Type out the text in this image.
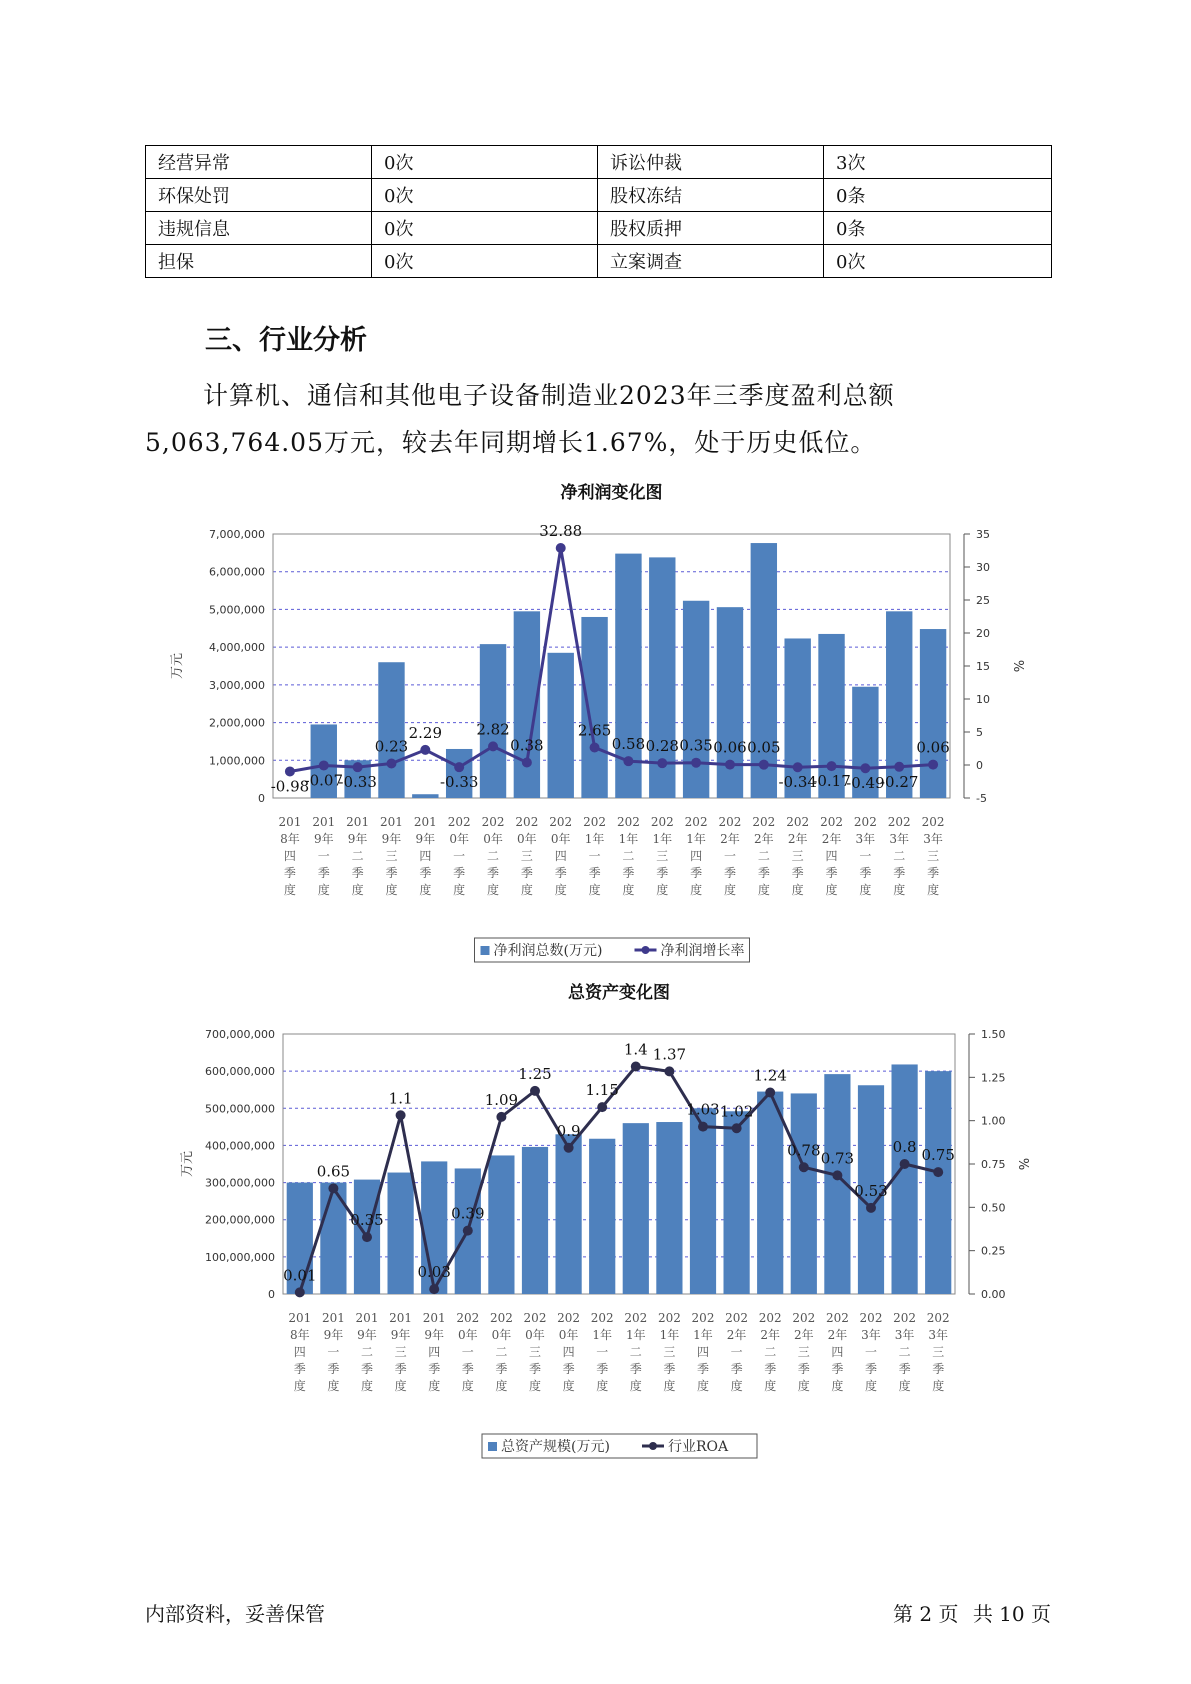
经营异常	0次	诉讼仲裁	3次
环保处罚	0次	股权冻结	0条
违规信息	0次	股权质押	0条
担保	0次	立案调查	0次
三、行业分析

计算机、通信和其他电子设备制造业2023年三季度盈利总额5,063,764.05万元，较去年同期增长1.67%，处于历史低位。

净利润变化图
0
1,000,000
2,000,000
3,000,000
4,000,000
5,000,000
6,000,000
7,000,000
-5
0
5
10
15
20
25
30
35
万元	%
201 8年四季度
201 9年一季度
201 9年二季度
201 9年三季度
201 9年四季度
202 0年一季度
202 0年二季度
202 0年三季度
202 0年四季度
202 1年一季度
202 1年二季度
202 1年三季度
202 1年四季度
202 2年一季度
202 2年二季度
202 2年三季度
202 2年四季度
202 3年一季度
202 3年二季度
202 3年三季度
-0.98
-0.07
-0.33
0.23
2.29
-0.33
2.82
0.38
32.88
2.65
0.58 0.28 0.35 0.06 0.05
-0.34
-0.17
-0.49
-0.27
0.06
净利润总数(万元)	净利润增长率
总资产变化图
0
100,000,000
200,000,000
300,000,000
400,000,000
500,000,000
600,000,000
700,000,000
0.00
0.25
0.50
0.75
1.00
1.25
1.50
万元	%
201 8年四季度
201 9年一季度
201 9年二季度
201 9年三季度
201 9年四季度
202 0年一季度
202 0年二季度
202 0年三季度
202 0年四季度
202 1年一季度
202 1年二季度
202 1年三季度
202 1年四季度
202 2年一季度
202 2年二季度
202 2年三季度
202 2年四季度
202 3年一季度
202 3年二季度
202 3年三季度
0.01
0.65
0.35
1.1
0.03
0.39
1.09
1.25
0.9
1.15
1.4 1.37
1.03 1.02
1.24
0.78 0.73
0.53
0.8 0.75
总资产规模(万元)	行业ROA
内部资料，妥善保管	第 2 页 共 10 页
